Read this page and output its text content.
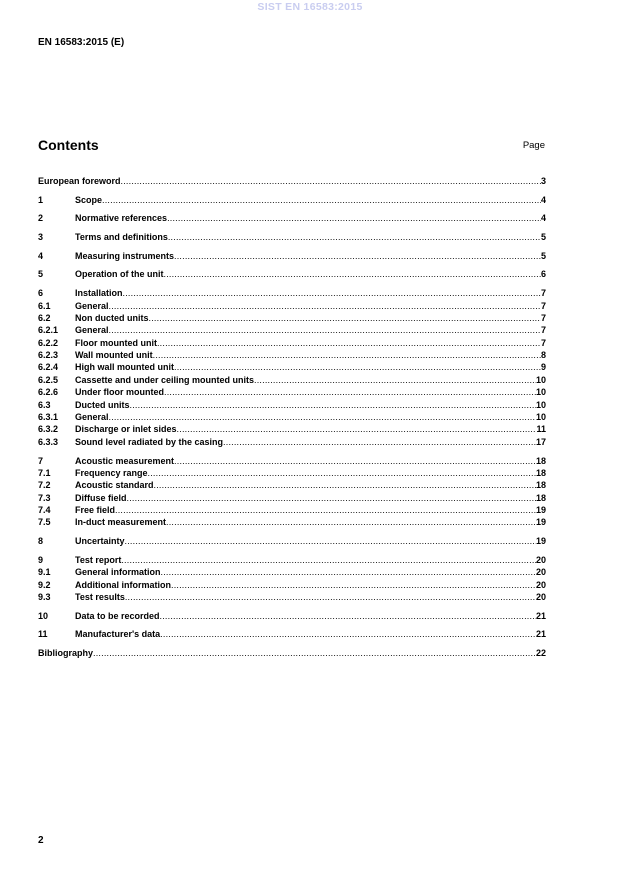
SIST EN 16583:2015
EN 16583:2015 (E)
Contents	Page
European foreword .....	3
1	Scope .....	4
2	Normative references .....	4
3	Terms and definitions .....	5
4	Measuring instruments .....	5
5	Operation of the unit .....	6
6	Installation .....	7
6.1	General .....	7
6.2	Non ducted units .....	7
6.2.1	General .....	7
6.2.2	Floor mounted unit .....	7
6.2.3	Wall mounted unit .....	8
6.2.4	High wall mounted unit .....	9
6.2.5	Cassette and under ceiling mounted units .....	10
6.2.6	Under floor mounted .....	10
6.3	Ducted units .....	10
6.3.1	General .....	10
6.3.2	Discharge or inlet sides .....	11
6.3.3	Sound level radiated by the casing .....	17
7	Acoustic measurement .....	18
7.1	Frequency range .....	18
7.2	Acoustic standard .....	18
7.3	Diffuse field .....	18
7.4	Free field .....	19
7.5	In-duct measurement .....	19
8	Uncertainty .....	19
9	Test report .....	20
9.1	General information .....	20
9.2	Additional information .....	20
9.3	Test results .....	20
10	Data to be recorded .....	21
11	Manufacturer's data .....	21
Bibliography .....	22
2
